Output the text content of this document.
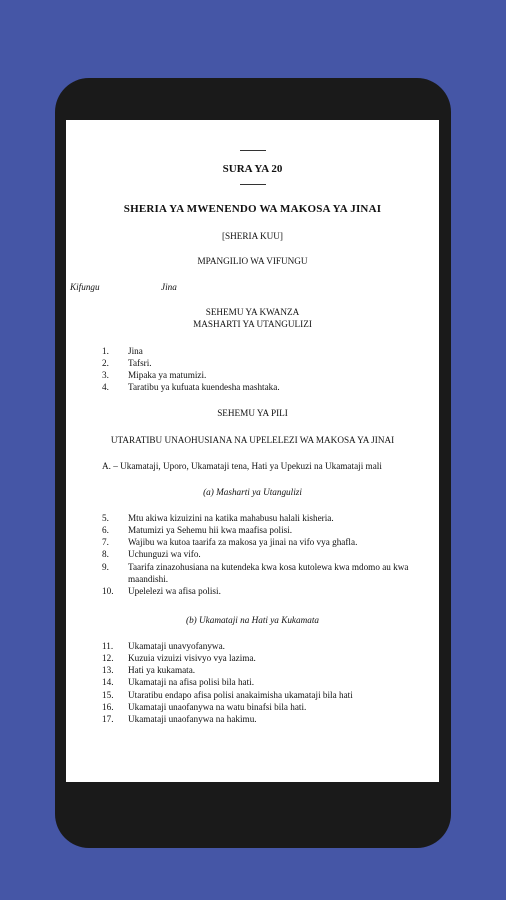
SURA YA 20
SHERIA YA MWENENDO WA MAKOSA YA JINAI
[SHERIA KUU]
MPANGILIO WA VIFUNGU
Kifungu	Jina
SEHEMU YA KWANZA
MASHARTI YA UTANGULIZI
1.	Jina
2.	Tafsri.
3.	Mipaka ya matumizi.
4.	Taratibu ya kufuata kuendesha mashtaka.
SEHEMU YA PILI
UTARATIBU UNAOHUSIANA NA UPELELEZI WA MAKOSA YA JINAI
A. – Ukamataji, Uporo, Ukamataji tena, Hati ya Upekuzi na Ukamataji mali
(a) Masharti ya Utangulizi
5.	Mtu akiwa kizuizini na katika mahabusu halali kisheria.
6.	Matumizi ya Sehemu hii kwa maafisa polisi.
7.	Wajibu wa kutoa taarifa za makosa ya jinai na vifo vya ghafla.
8.	Uchunguzi wa vifo.
9.	Taarifa zinazohusiana na kutendeka kwa kosa kutolewa kwa mdomo au kwa maandishi.
10.	Upelelezi wa afisa polisi.
(b) Ukamataji na Hati ya Kukamata
11.	Ukamataji unavyofanywa.
12.	Kuzuia vizuizi visivyo vya lazima.
13.	Hati ya kukamata.
14.	Ukamataji na afisa polisi bila hati.
15.	Utaratibu endapo afisa polisi anakaimisha ukamataji bila hati
16.	Ukamataji unaofanywa na watu binafsi bila hati.
17.	Ukamataji unaofanywa na hakimu.
